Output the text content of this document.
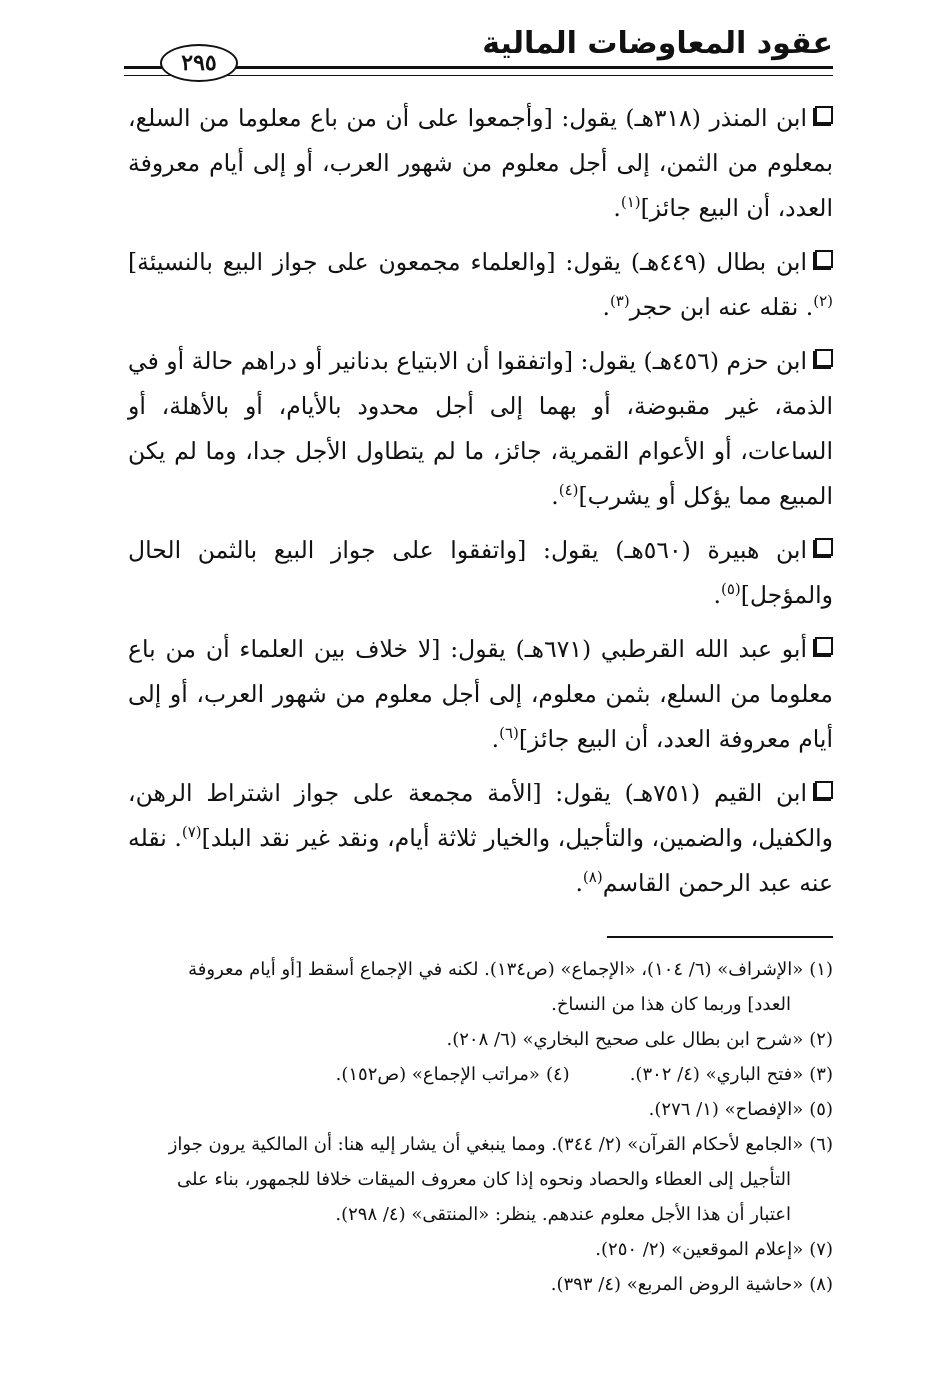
عقود المعاوضات المالية
٢٩٥

ابن المنذر (٣١٨هـ) يقول: [وأجمعوا على أن من باع معلوما من السلع، بمعلوم من الثمن، إلى أجل معلوم من شهور العرب، أو إلى أيام معروفة العدد، أن البيع جائز]$^{(١)}$.

ابن بطال (٤٤٩هـ) يقول: [والعلماء مجمعون على جواز البيع بالنسيئة]$^{(٢)}$. نقله عنه ابن حجر$^{(٣)}$.

ابن حزم (٤٥٦هـ) يقول: [واتفقوا أن الابتياع بدنانير أو دراهم حالة أو في الذمة، غير مقبوضة، أو بهما إلى أجل محدود بالأيام، أو بالأهلة، أو الساعات، أو الأعوام القمرية، جائز، ما لم يتطاول الأجل جدا، وما لم يكن المبيع مما يؤكل أو يشرب]$^{(٤)}$.

ابن هبيرة (٥٦٠هـ) يقول: [واتفقوا على جواز البيع بالثمن الحال والمؤجل]$^{(٥)}$.

أبو عبد الله القرطبي (٦٧١هـ) يقول: [لا خلاف بين العلماء أن من باع معلوما من السلع، بثمن معلوم، إلى أجل معلوم من شهور العرب، أو إلى أيام معروفة العدد، أن البيع جائز]$^{(٦)}$.

ابن القيم (٧٥١هـ) يقول: [الأمة مجمعة على جواز اشتراط الرهن، والكفيل، والضمين، والتأجيل، والخيار ثلاثة أيام، ونقد غير نقد البلد]$^{(٧)}$. نقله عنه عبد الرحمن القاسم$^{(٨)}$.

(١)«الإشراف» (٦/ ١٠٤)، «الإجماع» (ص١٣٤). لكنه في الإجماع أسقط [أو أيام معروفة
العدد] وربما كان هذا من النساخ.

(٢)«شرح ابن بطال على صحيح البخاري» (٦/ ٢٠٨).

(٣)«فتح الباري» (٤/ ٣٠٢).
(٤)«مراتب الإجماع» (ص١٥٢).

(٥)«الإفصاح» (١/ ٢٧٦).

(٦)«الجامع لأحكام القرآن» (٢/ ٣٤٤). ومما ينبغي أن يشار إليه هنا: أن المالكية يرون جواز
التأجيل إلى العطاء والحصاد ونحوه إذا كان معروف الميقات خلافا للجمهور، بناء على
اعتبار أن هذا الأجل معلوم عندهم. ينظر: «المنتقى» (٤/ ٢٩٨).

(٧)«إعلام الموقعين» (٢/ ٢٥٠).

(٨)«حاشية الروض المربع» (٤/ ٣٩٣).
